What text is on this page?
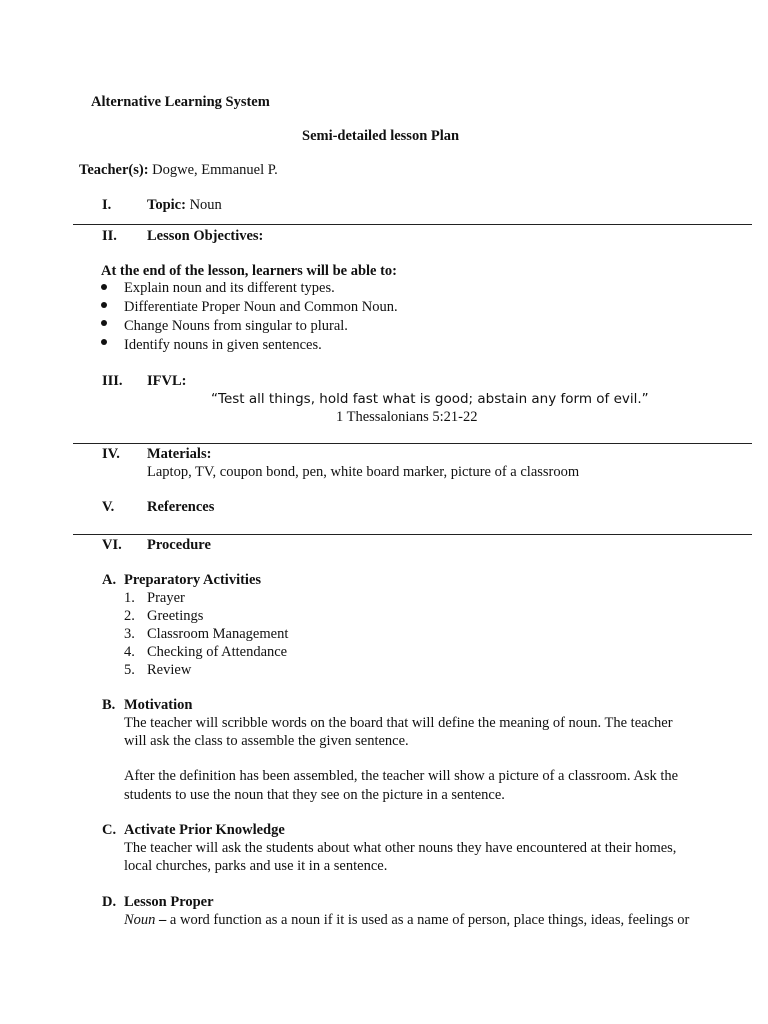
Alternative Learning System
Semi-detailed lesson Plan
Teacher(s): Dogwe, Emmanuel P.
I. Topic: Noun
II. Lesson Objectives:
At the end of the lesson, learners will be able to:
Explain noun and its different types.
Differentiate Proper Noun and Common Noun.
Change Nouns from singular to plural.
Identify nouns in given sentences.
III. IFVL:
“Test all things, hold fast what is good; abstain any form of evil.”
1 Thessalonians 5:21-22
IV. Materials:
Laptop, TV, coupon bond, pen, white board marker, picture of a classroom
V. References
VI. Procedure
A. Preparatory Activities
1. Prayer
2. Greetings
3. Classroom Management
4. Checking of Attendance
5. Review
B. Motivation
The teacher will scribble words on the board that will define the meaning of noun. The teacher
will ask the class to assemble the given sentence.
After the definition has been assembled, the teacher will show a picture of a classroom. Ask the
students to use the noun that they see on the picture in a sentence.
C. Activate Prior Knowledge
The teacher will ask the students about what other nouns they have encountered at their homes,
local churches, parks and use it in a sentence.
D. Lesson Proper
Noun – a word function as a noun if it is used as a name of person, place things, ideas, feelings or
